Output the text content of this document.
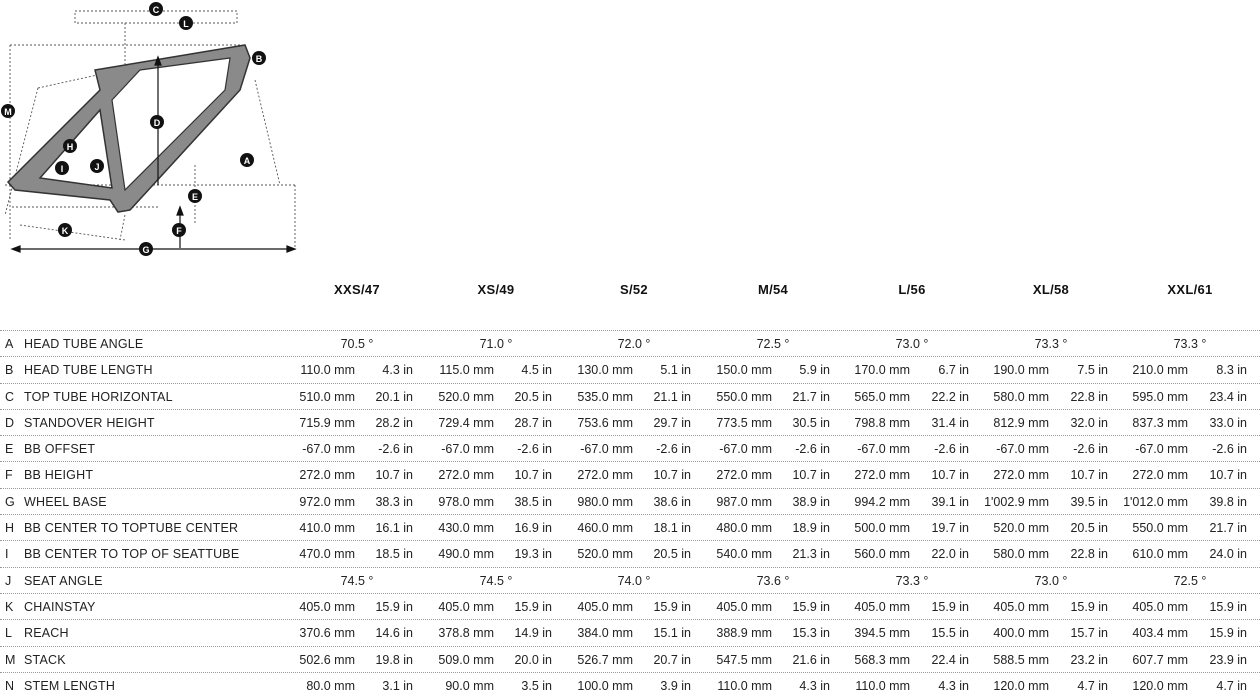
C
L
B
M
D
H
A
I	J
E
K	F
G
XXS/47	XS/49	S/52	M/54	L/56	XL/58	XXL/61
A HEAD TUBE ANGLE	70.5 °	71.0 °	72.0 °	72.5 °	73.0 °	73.3 °	73.3 °
B HEAD TUBE LENGTH	110.0 mm	4.3 in	115.0 mm	4.5 in	130.0 mm	5.1 in	150.0 mm	5.9 in	170.0 mm	6.7 in	190.0 mm	7.5 in	210.0 mm	8.3 in
C TOP TUBE HORIZONTAL	510.0 mm	20.1 in	520.0 mm	20.5 in	535.0 mm	21.1 in	550.0 mm	21.7 in	565.0 mm	22.2 in	580.0 mm	22.8 in	595.0 mm	23.4 in
D STANDOVER HEIGHT	715.9 mm	28.2 in	729.4 mm	28.7 in	753.6 mm	29.7 in	773.5 mm	30.5 in	798.8 mm	31.4 in	812.9 mm	32.0 in	837.3 mm	33.0 in
E BB OFFSET	-67.0 mm	-2.6 in	-67.0 mm	-2.6 in	-67.0 mm	-2.6 in	-67.0 mm	-2.6 in	-67.0 mm	-2.6 in	-67.0 mm	-2.6 in	-67.0 mm	-2.6 in
F BB HEIGHT	272.0 mm	10.7 in	272.0 mm	10.7 in	272.0 mm	10.7 in	272.0 mm	10.7 in	272.0 mm	10.7 in	272.0 mm	10.7 in	272.0 mm	10.7 in
G WHEEL BASE	972.0 mm	38.3 in	978.0 mm	38.5 in	980.0 mm	38.6 in	987.0 mm	38.9 in	994.2 mm	39.1 in	1'002.9 mm	39.5 in	1'012.0 mm	39.8 in
H BB CENTER TO TOPTUBE CENTER	410.0 mm	16.1 in	430.0 mm	16.9 in	460.0 mm	18.1 in	480.0 mm	18.9 in	500.0 mm	19.7 in	520.0 mm	20.5 in	550.0 mm	21.7 in
I BB CENTER TO TOP OF SEATTUBE	470.0 mm	18.5 in	490.0 mm	19.3 in	520.0 mm	20.5 in	540.0 mm	21.3 in	560.0 mm	22.0 in	580.0 mm	22.8 in	610.0 mm	24.0 in
J SEAT ANGLE	74.5 °	74.5 °	74.0 °	73.6 °	73.3 °	73.0 °	72.5 °
K CHAINSTAY	405.0 mm	15.9 in	405.0 mm	15.9 in	405.0 mm	15.9 in	405.0 mm	15.9 in	405.0 mm	15.9 in	405.0 mm	15.9 in	405.0 mm	15.9 in
L REACH	370.6 mm	14.6 in	378.8 mm	14.9 in	384.0 mm	15.1 in	388.9 mm	15.3 in	394.5 mm	15.5 in	400.0 mm	15.7 in	403.4 mm	15.9 in
M STACK	502.6 mm	19.8 in	509.0 mm	20.0 in	526.7 mm	20.7 in	547.5 mm	21.6 in	568.3 mm	22.4 in	588.5 mm	23.2 in	607.7 mm	23.9 in
N STEM LENGTH	80.0 mm	3.1 in	90.0 mm	3.5 in	100.0 mm	3.9 in	110.0 mm	4.3 in	110.0 mm	4.3 in	120.0 mm	4.7 in	120.0 mm	4.7 in
